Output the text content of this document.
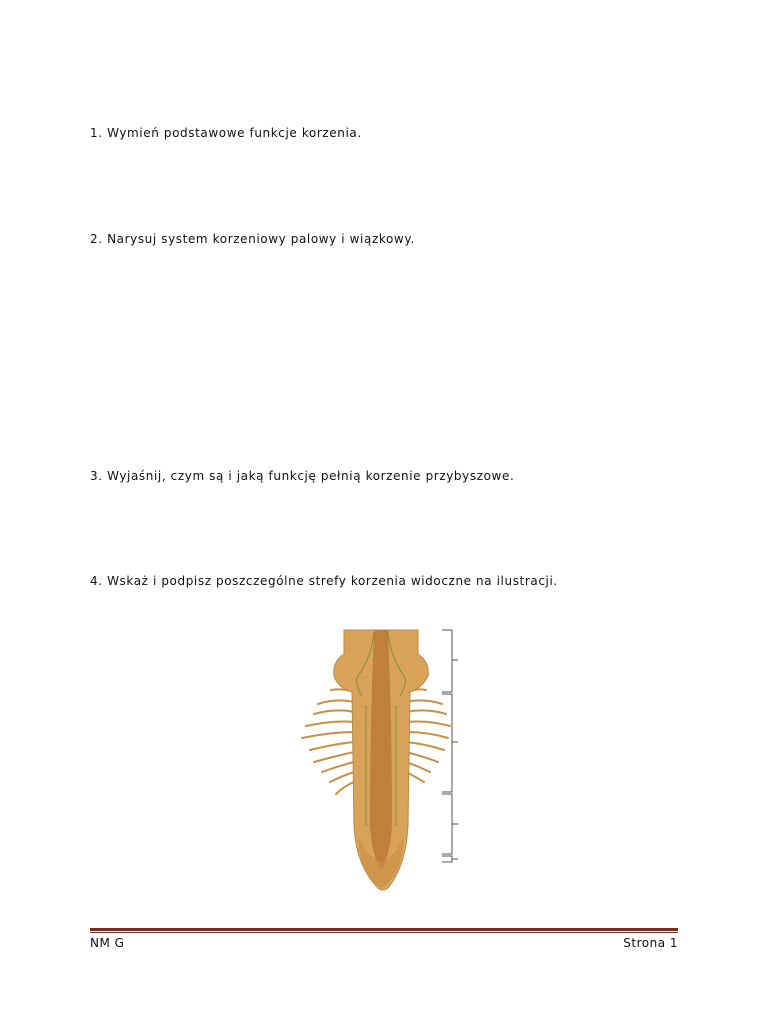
1. Wymień podstawowe funkcje korzenia.
2. Narysuj system korzeniowy palowy i wiązkowy.
3. Wyjaśnij, czym są i jaką funkcję pełnią korzenie przybyszowe.
4. Wskaż i podpisz poszczególne strefy korzenia widoczne na ilustracji.
NM G	Strona 1
